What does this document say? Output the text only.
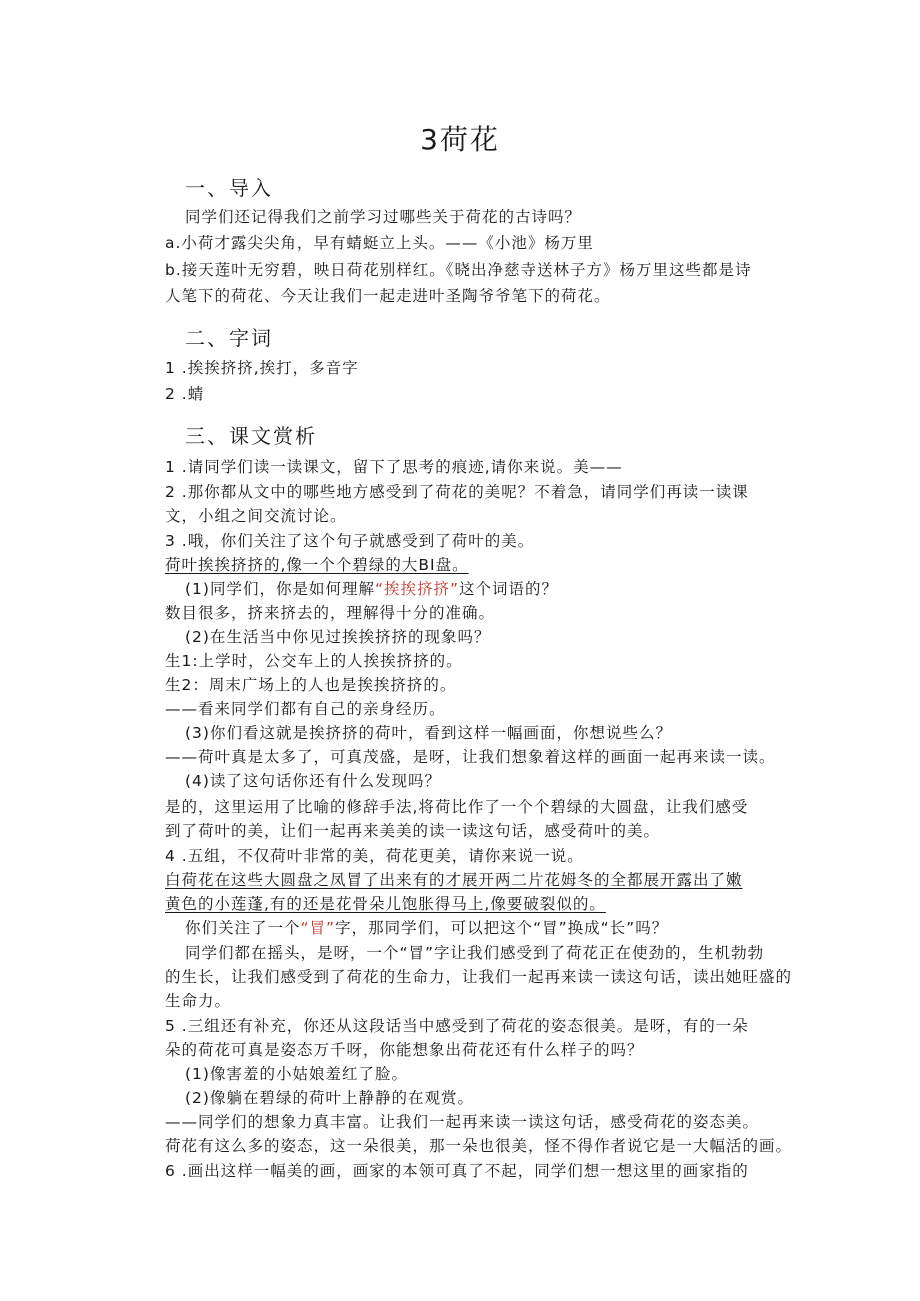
3荷花
一、导入
同学们还记得我们之前学习过哪些关于荷花的古诗吗？
a.小荷才露尖尖角，早有蜻蜓立上头。——《小池》杨万里
b.接天莲叶无穷碧，映日荷花别样红。《晓出净慈寺送林子方》杨万里这些都是诗
人笔下的荷花、今天让我们一起走进叶圣陶爷爷笔下的荷花。
二、字词
1 .挨挨挤挤,挨打，多音字
2 .蜻
三、课文赏析
1 .请同学们读一读课文，留下了思考的痕迹,请你来说。美——
2 .那你都从文中的哪些地方感受到了荷花的美呢？不着急，请同学们再读一读课
文，小组之间交流讨论。
3 .哦，你们关注了这个句子就感受到了荷叶的美。
荷叶挨挨挤挤的,像一个个碧绿的大BI盘。
(1)同学们，你是如何理解“挨挨挤挤”这个词语的？
数目很多，挤来挤去的，理解得十分的准确。
(2)在生活当中你见过挨挨挤挤的现象吗？
生1:上学时，公交车上的人挨挨挤挤的。
生2：周末广场上的人也是挨挨挤挤的。
——看来同学们都有自己的亲身经历。
(3)你们看这就是挨挤挤的荷叶，看到这样一幅画面，你想说些么？
——荷叶真是太多了，可真茂盛，是呀，让我们想象着这样的画面一起再来读一读。
(4)读了这句话你还有什么发现吗？
是的，这里运用了比喻的修辞手法,将荷比作了一个个碧绿的大圆盘，让我们感受
到了荷叶的美，让们一起再来美美的读一读这句话，感受荷叶的美。
4 .五组，不仅荷叶非常的美，荷花更美，请你来说一说。
白荷花在这些大圆盘之凤冒了出来有的才展开两二片花姆冬的全都展开露出了嫩
黄色的小莲蓬,有的还是花骨朵儿饱胀得马上,像要破裂似的。
你们关注了一个“冒”字，那同学们，可以把这个“冒”换成“长”吗？
同学们都在摇头，是呀，一个“冒”字让我们感受到了荷花正在使劲的，生机勃勃
的生长，让我们感受到了荷花的生命力，让我们一起再来读一读这句话，读出她旺盛的
生命力。
5 .三组还有补充，你还从这段话当中感受到了荷花的姿态很美。是呀，有的一朵
朵的荷花可真是姿态万千呀，你能想象出荷花还有什么样子的吗？
(1)像害羞的小姑娘羞红了脸。
(2)像躺在碧绿的荷叶上静静的在观赏。
——同学们的想象力真丰富。让我们一起再来读一读这句话，感受荷花的姿态美。
荷花有这么多的姿态，这一朵很美，那一朵也很美，怪不得作者说它是一大幅活的画。
6 .画出这样一幅美的画，画家的本领可真了不起，同学们想一想这里的画家指的
